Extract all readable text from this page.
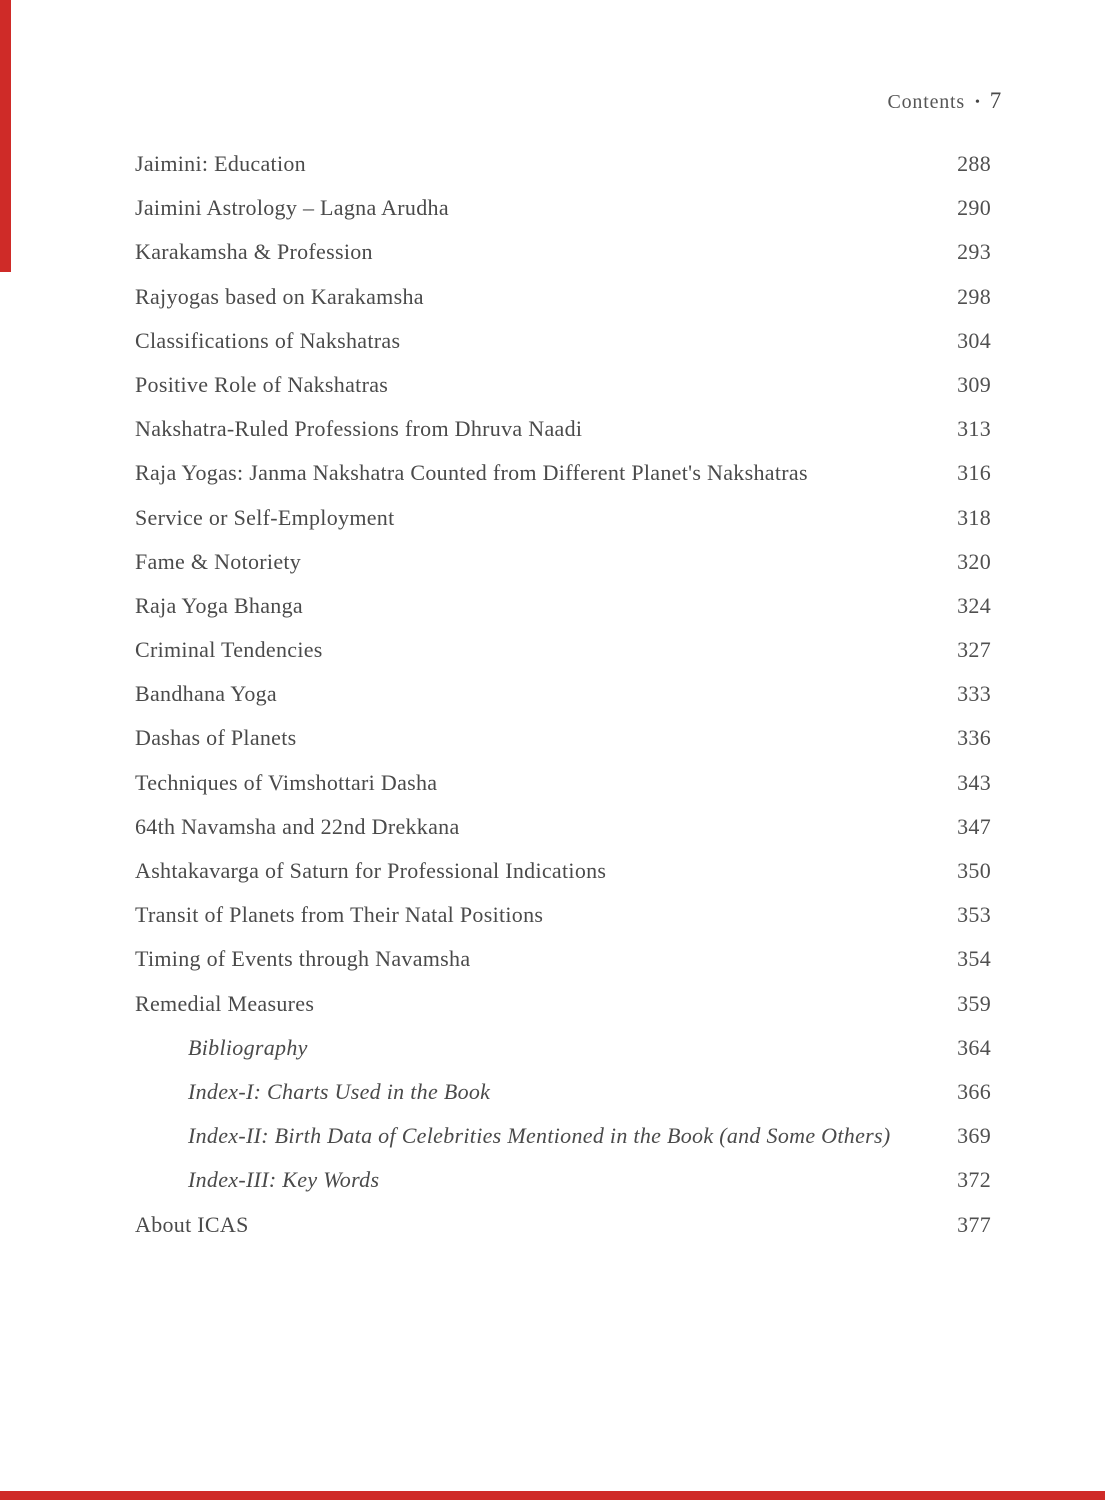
Contents • 7
Jaimini: Education	288
Jaimini Astrology – Lagna Arudha	290
Karakamsha & Profession	293
Rajyogas based on Karakamsha	298
Classifications of Nakshatras	304
Positive Role of Nakshatras	309
Nakshatra-Ruled Professions from Dhruva Naadi	313
Raja Yogas: Janma Nakshatra Counted from Different Planet's Nakshatras	316
Service or Self-Employment	318
Fame & Notoriety	320
Raja Yoga Bhanga	324
Criminal Tendencies	327
Bandhana Yoga	333
Dashas of Planets	336
Techniques of Vimshottari Dasha	343
64th Navamsha and 22nd Drekkana	347
Ashtakavarga of Saturn for Professional Indications	350
Transit of Planets from Their Natal Positions	353
Timing of Events through Navamsha	354
Remedial Measures	359
Bibliography	364
Index-I: Charts Used in the Book	366
Index-II: Birth Data of Celebrities Mentioned in the Book (and Some Others)	369
Index-III: Key Words	372
About ICAS	377
